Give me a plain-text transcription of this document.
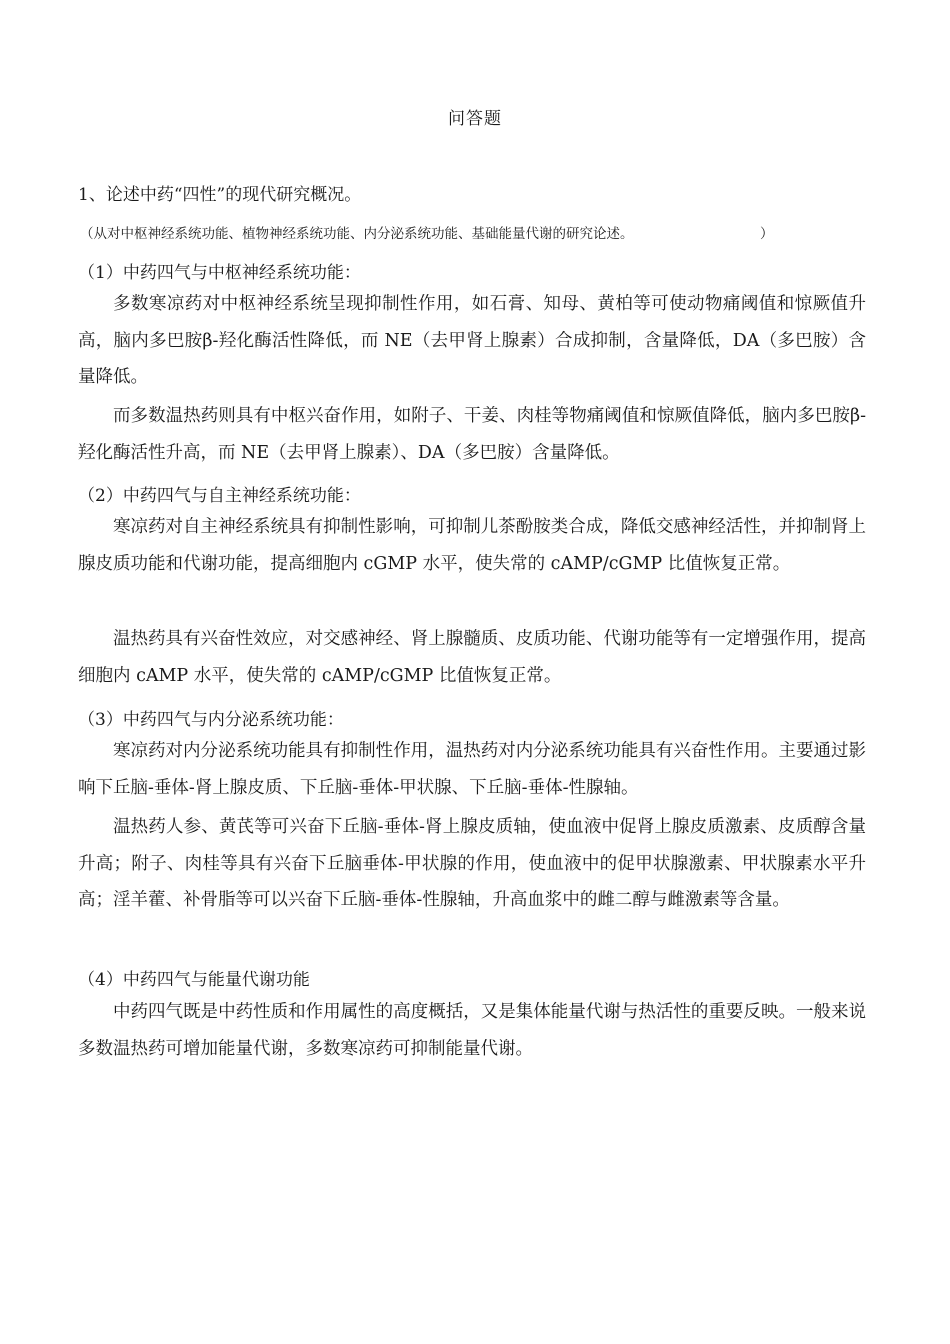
问答题
1、论述中药“四性”的现代研究概况。
（从对中枢神经系统功能、植物神经系统功能、内分泌系统功能、基础能量代谢的研究论述。	）
（1）中药四气与中枢神经系统功能：

多数寒凉药对中枢神经系统呈现抑制性作用，如石膏、知母、黄柏等可使动物痛阈值和惊厥值升高，脑内多巴胺β-羟化酶活性降低，而 NE（去甲肾上腺素）合成抑制，含量降低，DA（多巴胺）含量降低。

而多数温热药则具有中枢兴奋作用，如附子、干姜、肉桂等物痛阈值和惊厥值降低，脑内多巴胺β-羟化酶活性升高，而 NE（去甲肾上腺素）、DA（多巴胺）含量降低。

（2）中药四气与自主神经系统功能：

寒凉药对自主神经系统具有抑制性影响，可抑制儿茶酚胺类合成，降低交感神经活性，并抑制肾上腺皮质功能和代谢功能，提高细胞内 cGMP 水平，使失常的 cAMP/cGMP 比值恢复正常。

温热药具有兴奋性效应，对交感神经、肾上腺髓质、皮质功能、代谢功能等有一定增强作用，提高细胞内 cAMP 水平，使失常的 cAMP/cGMP 比值恢复正常。

（3）中药四气与内分泌系统功能：

寒凉药对内分泌系统功能具有抑制性作用，温热药对内分泌系统功能具有兴奋性作用。主要通过影响下丘脑-垂体-肾上腺皮质、下丘脑-垂体-甲状腺、下丘脑-垂体-性腺轴。

温热药人参、黄芪等可兴奋下丘脑-垂体-肾上腺皮质轴，使血液中促肾上腺皮质激素、皮质醇含量升高；附子、肉桂等具有兴奋下丘脑垂体-甲状腺的作用，使血液中的促甲状腺激素、甲状腺素水平升高；淫羊藿、补骨脂等可以兴奋下丘脑-垂体-性腺轴，升高血浆中的雌二醇与雌激素等含量。

（4）中药四气与能量代谢功能

中药四气既是中药性质和作用属性的高度概括，又是集体能量代谢与热活性的重要反映。一般来说多数温热药可增加能量代谢，多数寒凉药可抑制能量代谢。
